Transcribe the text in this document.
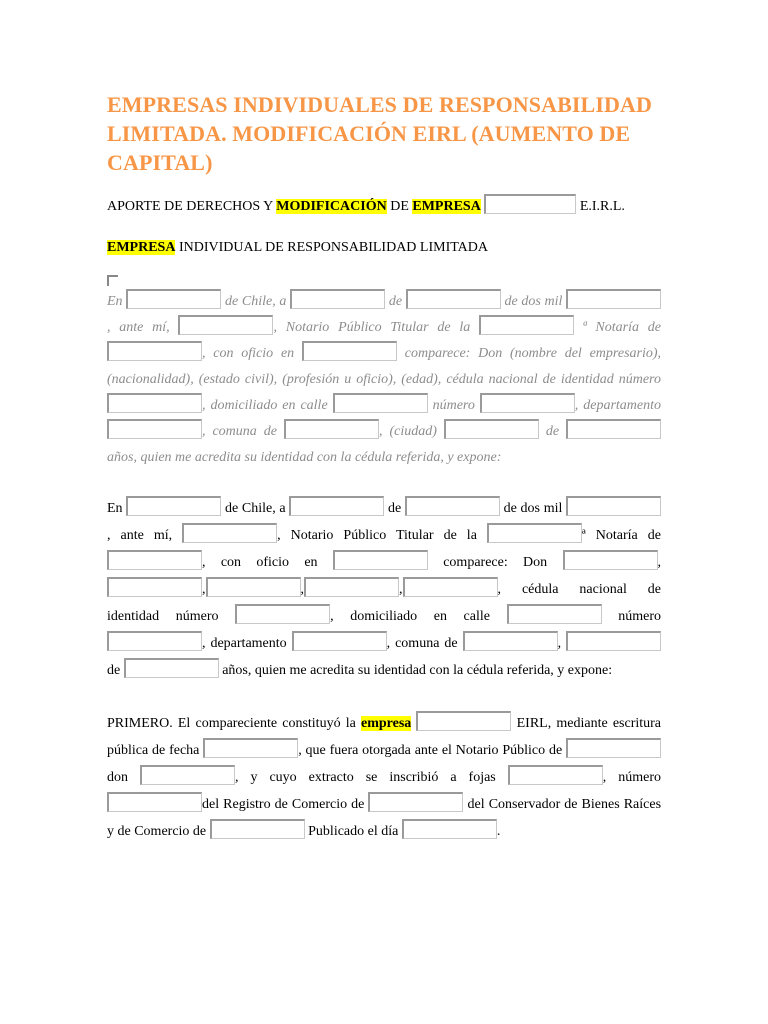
EMPRESAS INDIVIDUALES DE RESPONSABILIDAD LIMITADA. MODIFICACIÓN EIRL (AUMENTO DE CAPITAL)

APORTE DE DERECHOS Y MODIFICACIÓN DE EMPRESA	E.I.R.L.

EMPRESA INDIVIDUAL DE RESPONSABILIDAD LIMITADA

En	de Chile, a	de	de dos mil , ante mí,	, Notario Público Titular de la	ª Notaría de , con oficio en	comparece: Don (nombre del empresario), (nacionalidad), (estado civil), (profesión u oficio), (edad), cédula nacional de identidad número , domiciliado en calle	número	, departamento , comuna de	, (ciudad)	de  años, quien me acredita su identidad con la cédula referida, y expone:

En	de Chile, a	de	de dos mil , ante mí,	, Notario Público Titular de la	ª Notaría de , con oficio en	comparece: Don	,,	,	,	, cédula nacional de identidad número	, domiciliado en calle	número , departamento	, comuna de	,  de	años, quien me acredita su identidad con la cédula referida, y expone:

PRIMERO. El compareciente constituyó la empresa	EIRL, mediante escritura pública de fecha	, que fuera otorgada ante el Notario Público de  don	, y cuyo extracto se inscribió a fojas	, número del Registro de Comercio de	del Conservador de Bienes Raíces y de Comercio de	Publicado el día	.
